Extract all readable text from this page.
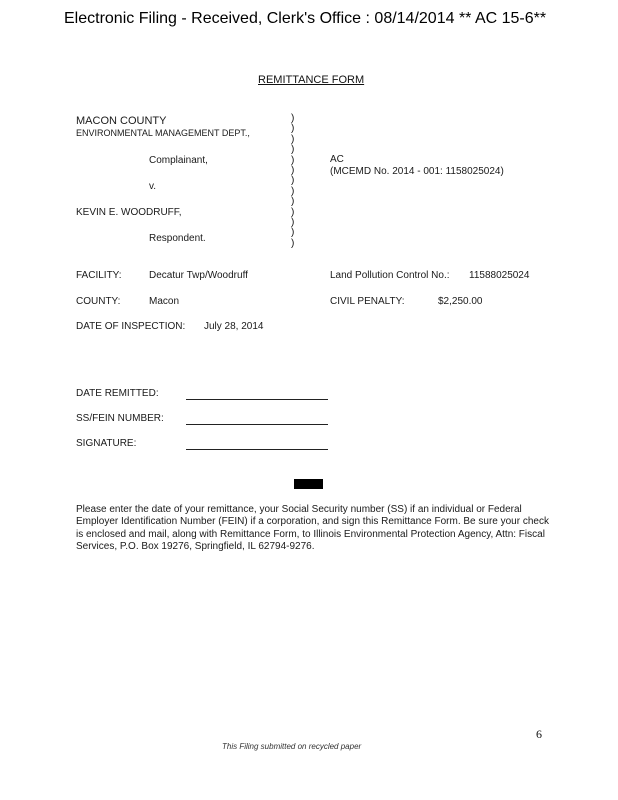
Electronic Filing - Received, Clerk's Office : 08/14/2014 ** AC 15-6**
REMITTANCE FORM
MACON COUNTY
ENVIRONMENTAL MANAGEMENT DEPT.,
Complainant,
v.
KEVIN E. WOODRUFF,
Respondent.
)
)
)
)
)
)
)
)
)
)
)
)
)
AC
(MCEMD No. 2014 - 001: 1158025024)
FACILITY:	Decatur Twp/Woodruff	Land Pollution Control No.: 11588025024
COUNTY:	Macon	CIVIL PENALTY:	$2,250.00
DATE OF INSPECTION: July 28, 2014
DATE REMITTED:
SS/FEIN NUMBER:
SIGNATURE:
Please enter the date of your remittance, your Social Security number (SS) if an individual or Federal Employer Identification Number (FEIN) if a corporation, and sign this Remittance Form. Be sure your check is enclosed and mail, along with Remittance Form, to Illinois Environmental Protection Agency, Attn: Fiscal Services, P.O. Box 19276, Springfield, IL 62794-9276.
6
This Filing submitted on recycled paper
